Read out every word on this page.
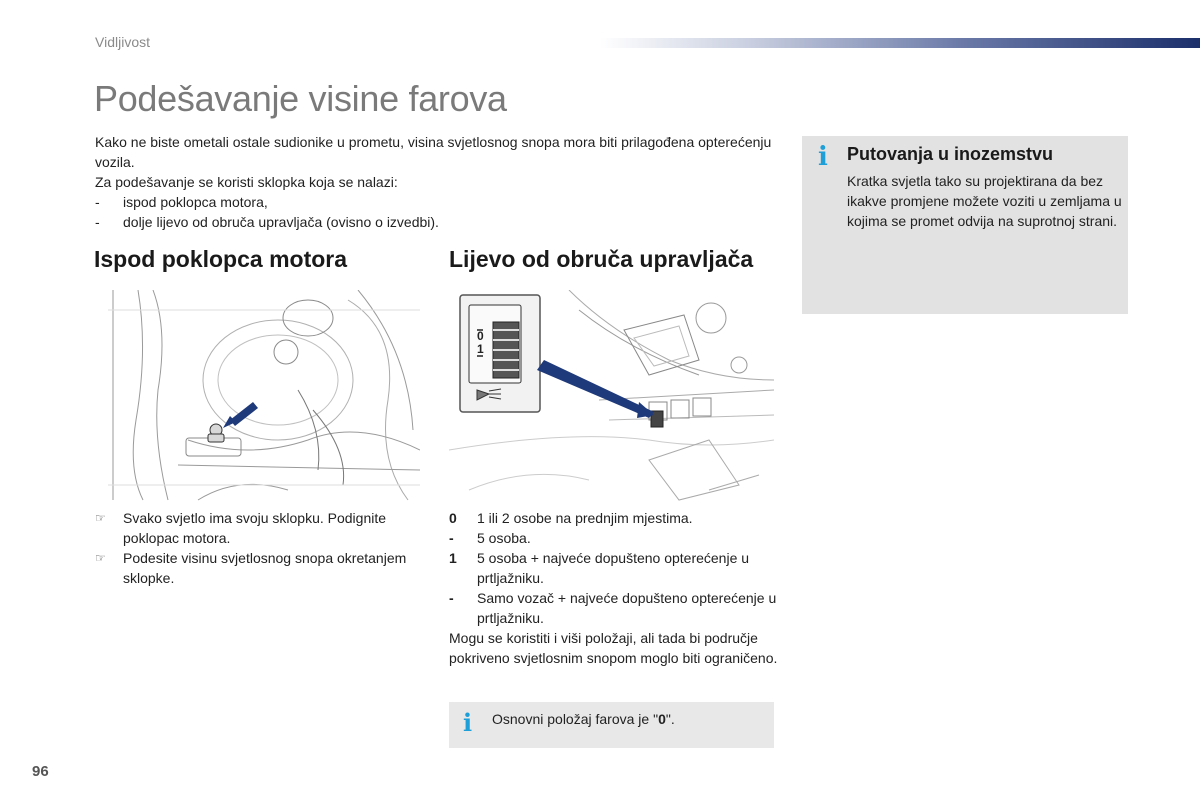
Vidljivost
Podešavanje visine farova

Kako ne biste ometali ostale sudionike u prometu, visina svjetlosnog snopa mora biti prilagođena opterećenju vozila.

Za podešavanje se koristi sklopka koja se nalazi:

- ispod poklopca motora,
- dolje lijevo od obruča upravljača (ovisno o izvedbi).
Ispod poklopca motora	Lijevo od obruča upravljača
0
1
☞ Svako svjetlo ima svoju sklopku. Podignite poklopac motora.
☞ Podesite visinu svjetlosnog snopa okretanjem sklopke.
0 1 ili 2 osobe na prednjim mjestima.
- 5 osoba.
1 5 osoba + najveće dopušteno opterećenje u prtljažniku.
- Samo vozač + najveće dopušteno opterećenje u prtljažniku.

Mogu se koristiti i viši položaji, ali tada bi područje pokriveno svjetlosnim snopom moglo biti ograničeno.

i Osnovni položaj farova je "0".
i Putovanja u inozemstvu
Kratka svjetla tako su projektirana da bez ikakve promjene možete voziti u zemljama u kojima se promet odvija na suprotnoj strani.
96
